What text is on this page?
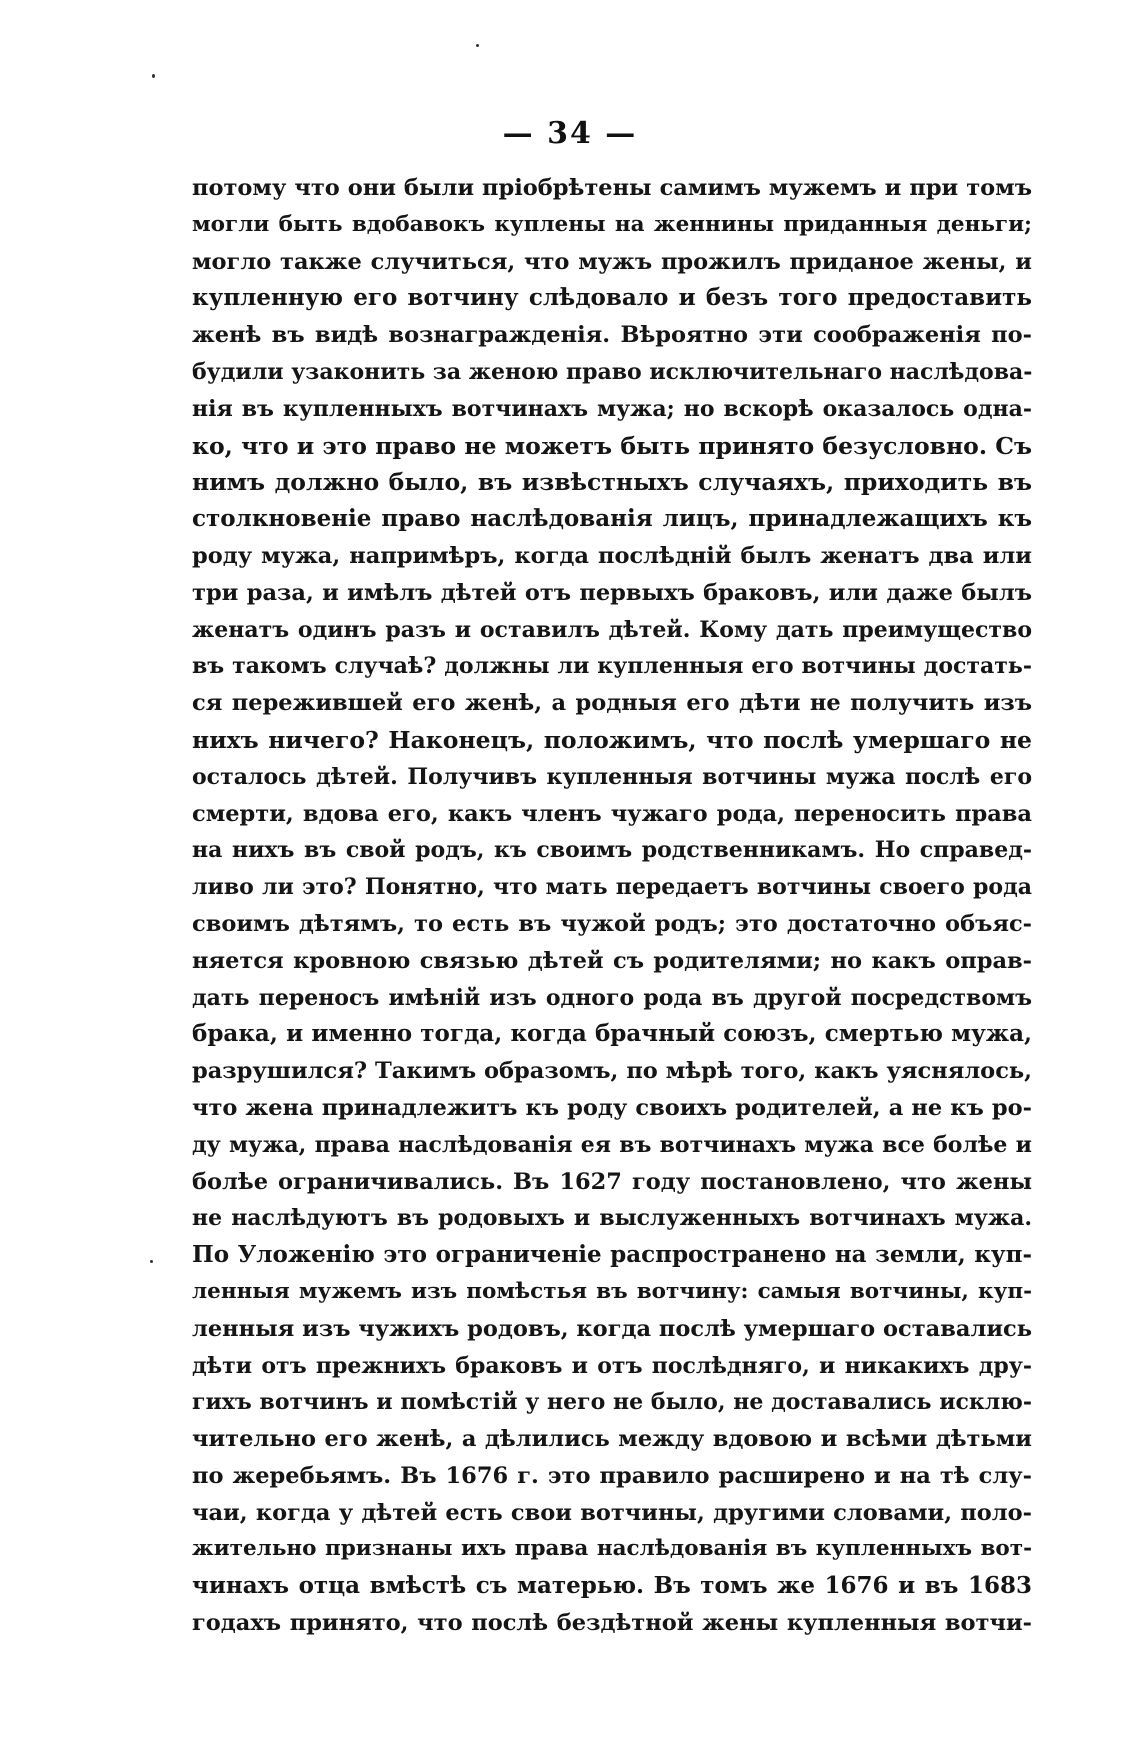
— 34 —
потому что они были пріобрѣтены самимъ мужемъ и при томъ
могли быть вдобавокъ куплены на женнины приданныя деньги;
могло также случиться, что мужъ прожилъ приданое жены, и
купленную его вотчину слѣдовало и безъ того предоставить
женѣ въ видѣ вознагражденія. Вѣроятно эти соображенія по-
будили узаконить за женою право исключительнаго наслѣдова-
нія въ купленныхъ вотчинахъ мужа; но вскорѣ оказалось одна-
ко, что и это право не можетъ быть принято безусловно. Съ
нимъ должно было, въ извѣстныхъ случаяхъ, приходить въ
столкновеніе право наслѣдованія лицъ, принадлежащихъ къ
роду мужа, напримѣръ, когда послѣдній былъ женатъ два или
три раза, и имѣлъ дѣтей отъ первыхъ браковъ, или даже былъ
женатъ одинъ разъ и оставилъ дѣтей. Кому дать преимущество
въ такомъ случаѣ? должны ли купленныя его вотчины достать-
ся пережившей его женѣ, а родныя его дѣти не получить изъ
нихъ ничего? Наконецъ, положимъ, что послѣ умершаго не
осталось дѣтей. Получивъ купленныя вотчины мужа послѣ его
смерти, вдова его, какъ членъ чужаго рода, переносить права
на нихъ въ свой родъ, къ своимъ родственникамъ. Но справед-
ливо ли это? Понятно, что мать передаетъ вотчины своего рода
своимъ дѣтямъ, то есть въ чужой родъ; это достаточно объяс-
няется кровною связью дѣтей съ родителями; но какъ оправ-
дать переносъ имѣній изъ одного рода въ другой посредствомъ
брака, и именно тогда, когда брачный союзъ, смертью мужа,
разрушился? Такимъ образомъ, по мѣрѣ того, какъ уяснялось,
что жена принадлежитъ къ роду своихъ родителей, а не къ ро-
ду мужа, права наслѣдованія ея въ вотчинахъ мужа все болѣе и
болѣе ограничивались. Въ 1627 году постановлено, что жены
не наслѣдуютъ въ родовыхъ и выслуженныхъ вотчинахъ мужа.
По Уложенію это ограниченіе распространено на земли, куп-
ленныя мужемъ изъ помѣстья въ вотчину: самыя вотчины, куп-
ленныя изъ чужихъ родовъ, когда послѣ умершаго оставались
дѣти отъ прежнихъ браковъ и отъ послѣдняго, и никакихъ дру-
гихъ вотчинъ и помѣстій у него не было, не доставались исклю-
чительно его женѣ, а дѣлились между вдовою и всѣми дѣтьми
по жеребьямъ. Въ 1676 г. это правило расширено и на тѣ слу-
чаи, когда у дѣтей есть свои вотчины, другими словами, поло-
жительно признаны ихъ права наслѣдованія въ купленныхъ вот-
чинахъ отца вмѣстѣ съ матерью. Въ томъ же 1676 и въ 1683
годахъ принято, что послѣ бездѣтной жены купленныя вотчи-
